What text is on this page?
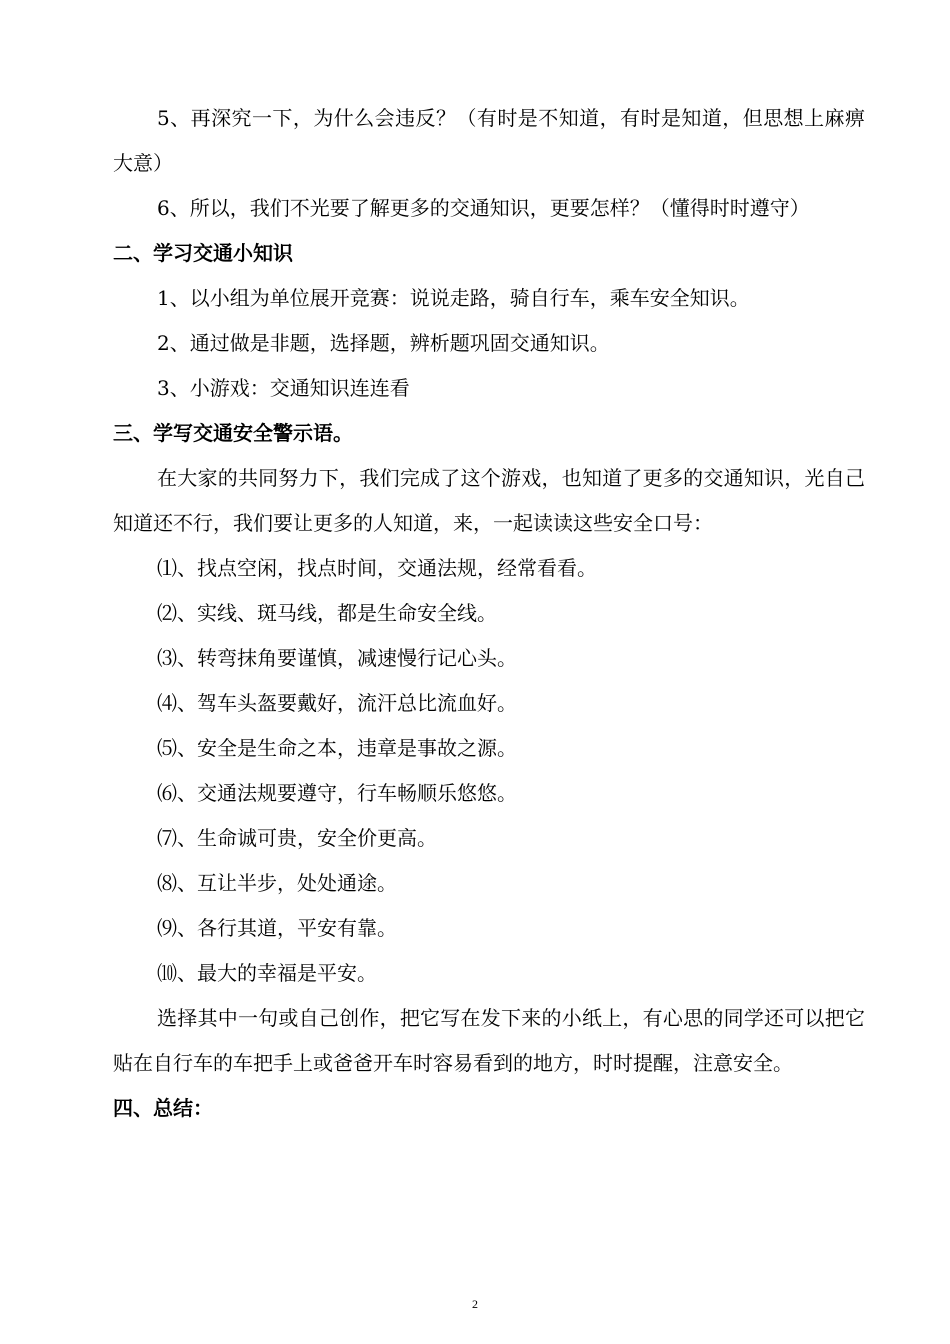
5、再深究一下，为什么会违反？（有时是不知道，有时是知道，但思想上麻痹大意）

6、所以，我们不光要了解更多的交通知识，更要怎样？（懂得时时遵守）

二、学习交通小知识

1、以小组为单位展开竞赛：说说走路，骑自行车，乘车安全知识。

2、通过做是非题，选择题，辨析题巩固交通知识。

3、小游戏：交通知识连连看

三、学写交通安全警示语。

在大家的共同努力下，我们完成了这个游戏，也知道了更多的交通知识，光自己知道还不行，我们要让更多的人知道，来，一起读读这些安全口号：

⑴、找点空闲，找点时间，交通法规，经常看看。

⑵、实线、斑马线，都是生命安全线。

⑶、转弯抹角要谨慎，减速慢行记心头。

⑷、驾车头盔要戴好，流汗总比流血好。

⑸、安全是生命之本，违章是事故之源。

⑹、交通法规要遵守，行车畅顺乐悠悠。

⑺、生命诚可贵，安全价更高。

⑻、互让半步，处处通途。

⑼、各行其道，平安有靠。

⑽、最大的幸福是平安。

选择其中一句或自己创作，把它写在发下来的小纸上，有心思的同学还可以把它贴在自行车的车把手上或爸爸开车时容易看到的地方，时时提醒，注意安全。

四、总结：

2
